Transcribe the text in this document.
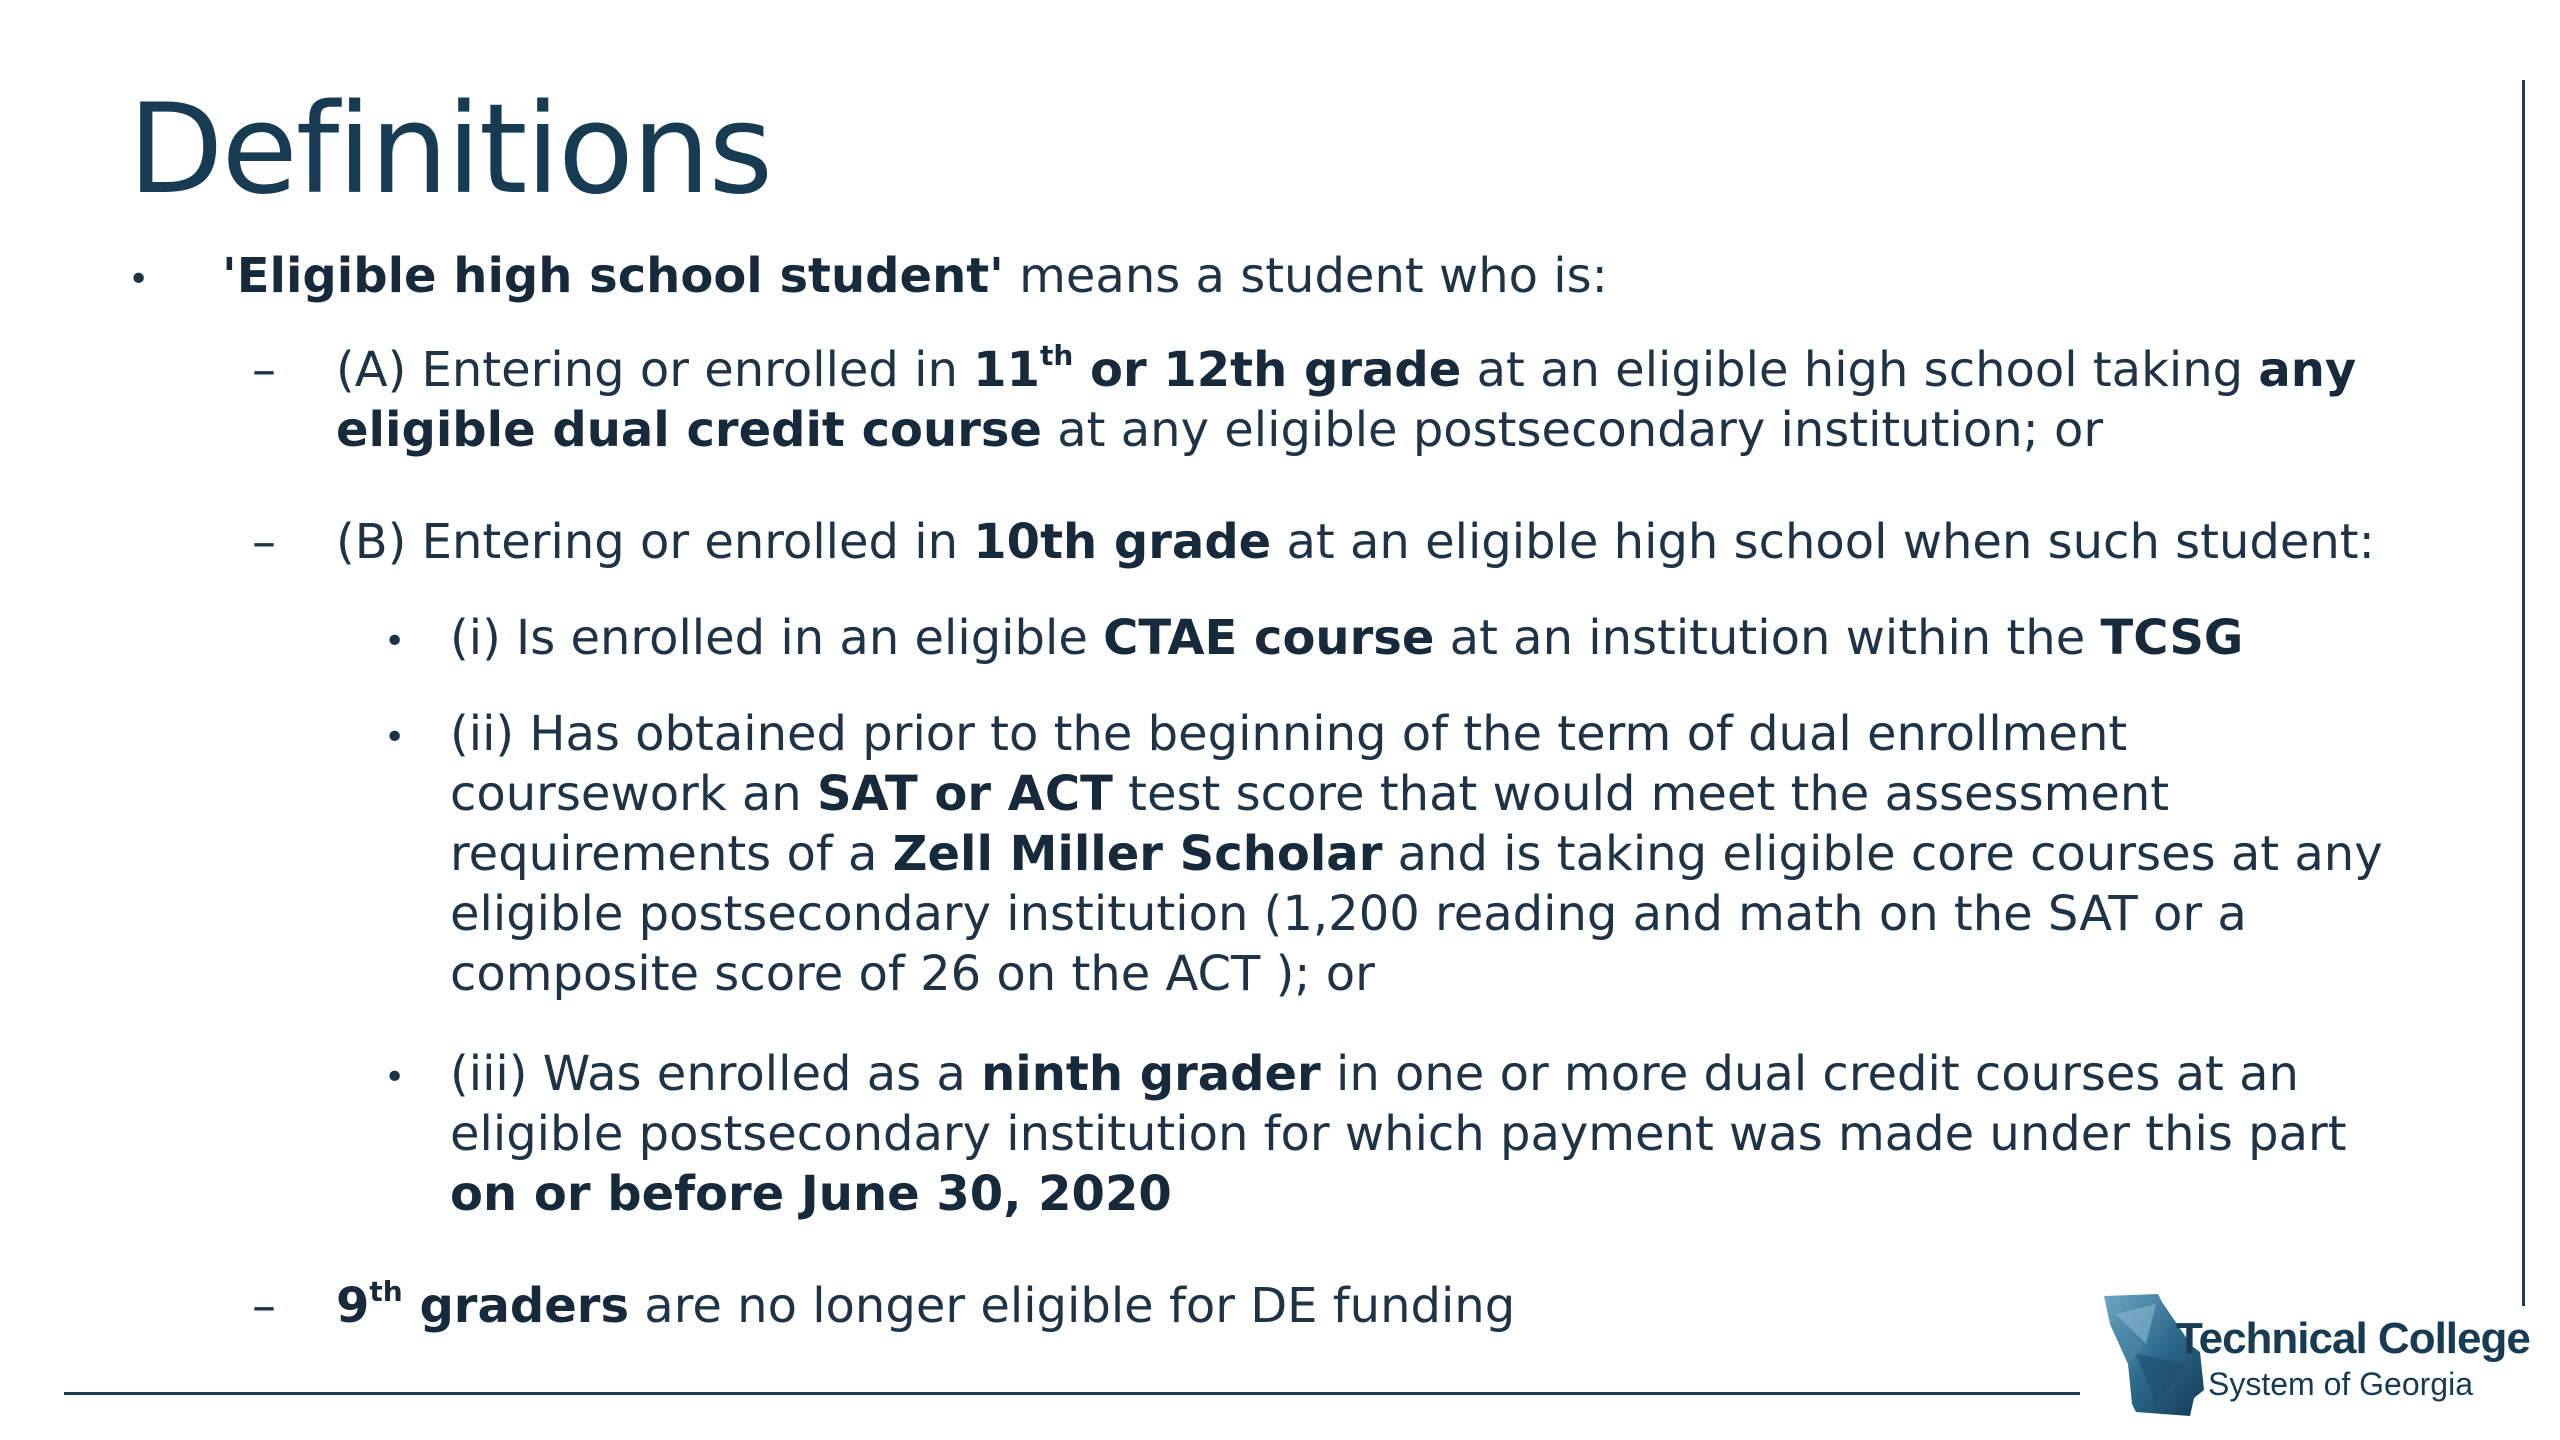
Definitions
• 'Eligible high school student' means a student who is:
– (A) Entering or enrolled in 11th or 12th grade at an eligible high school taking any
eligible dual credit course at any eligible postsecondary institution; or
– (B) Entering or enrolled in 10th grade at an eligible high school when such student:
• (i) Is enrolled in an eligible CTAE course at an institution within the TCSG
• (ii) Has obtained prior to the beginning of the term of dual enrollment
coursework an SAT or ACT test score that would meet the assessment
requirements of a Zell Miller Scholar and is taking eligible core courses at any
eligible postsecondary institution (1,200 reading and math on the SAT or a
composite score of 26 on the ACT ); or
• (iii) Was enrolled as a ninth grader in one or more dual credit courses at an
eligible postsecondary institution for which payment was made under this part
on or before June 30, 2020
– 9th graders are no longer eligible for DE funding
Technical College
System of Georgia
